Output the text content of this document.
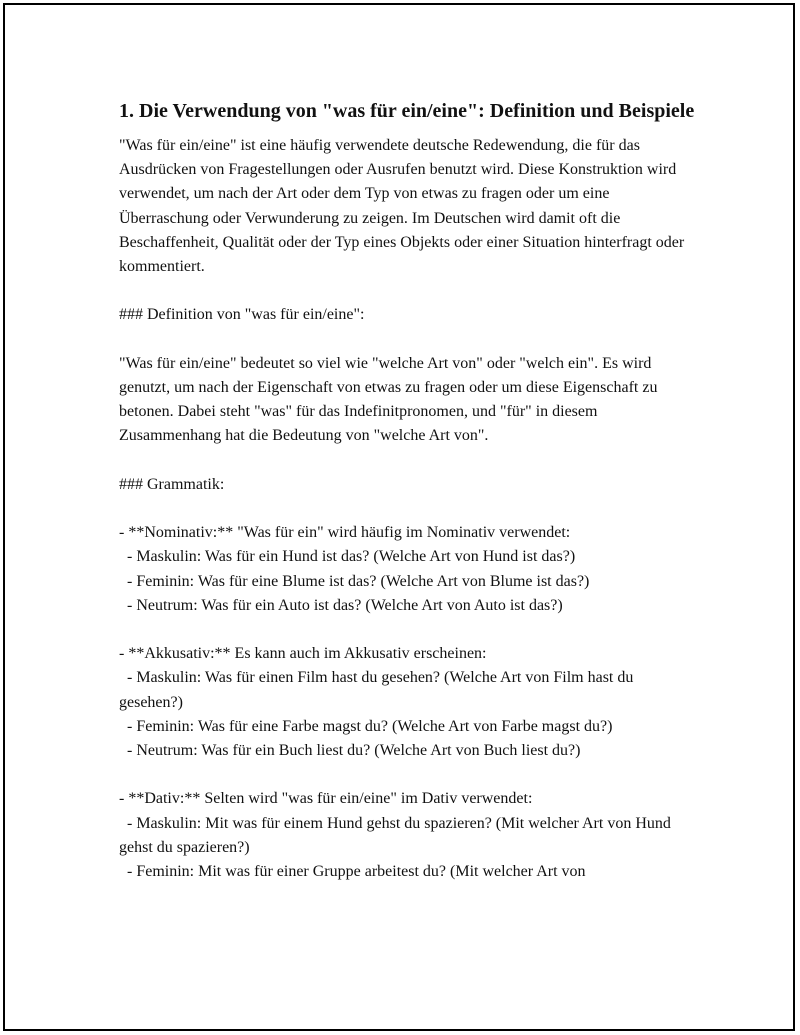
1. Die Verwendung von "was für ein/eine": Definition und Beispiele

"Was für ein/eine" ist eine häufig verwendete deutsche Redewendung, die für das Ausdrücken von Fragestellungen oder Ausrufen benutzt wird. Diese Konstruktion wird verwendet, um nach der Art oder dem Typ von etwas zu fragen oder um eine Überraschung oder Verwunderung zu zeigen. Im Deutschen wird damit oft die Beschaffenheit, Qualität oder der Typ eines Objekts oder einer Situation hinterfragt oder kommentiert.

### Definition von "was für ein/eine":

"Was für ein/eine" bedeutet so viel wie "welche Art von" oder "welch ein". Es wird genutzt, um nach der Eigenschaft von etwas zu fragen oder um diese Eigenschaft zu betonen. Dabei steht "was" für das Indefinitpronomen, und "für" in diesem Zusammenhang hat die Bedeutung von "welche Art von".

### Grammatik:

- **Nominativ:** "Was für ein" wird häufig im Nominativ verwendet:

- Maskulin: Was für ein Hund ist das? (Welche Art von Hund ist das?)

- Feminin: Was für eine Blume ist das? (Welche Art von Blume ist das?)

- Neutrum: Was für ein Auto ist das? (Welche Art von Auto ist das?)

- **Akkusativ:** Es kann auch im Akkusativ erscheinen:

- Maskulin: Was für einen Film hast du gesehen? (Welche Art von Film hast du gesehen?)

- Feminin: Was für eine Farbe magst du? (Welche Art von Farbe magst du?)

- Neutrum: Was für ein Buch liest du? (Welche Art von Buch liest du?)

- **Dativ:** Selten wird "was für ein/eine" im Dativ verwendet:

- Maskulin: Mit was für einem Hund gehst du spazieren? (Mit welcher Art von Hund gehst du spazieren?)

- Feminin: Mit was für einer Gruppe arbeitest du? (Mit welcher Art von
